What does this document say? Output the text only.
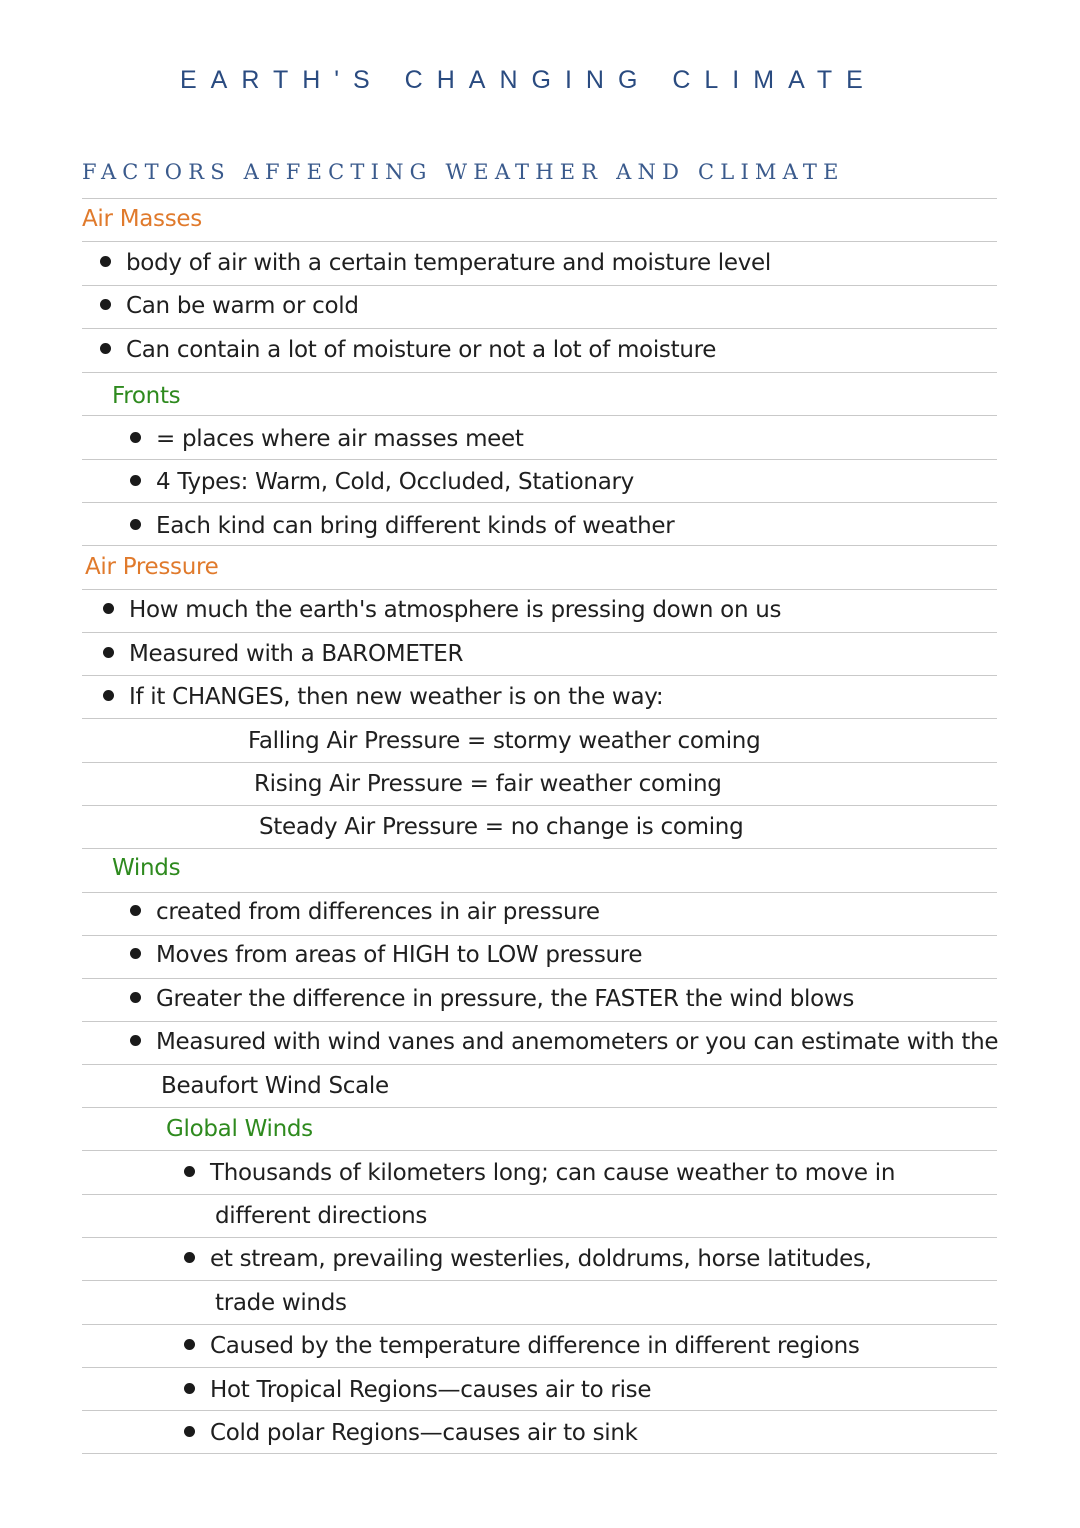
EARTH'S CHANGING CLIMATE
FACTORS AFFECTING WEATHER AND CLIMATE
Air Masses
body of air with a certain temperature and moisture level
Can be warm or cold
Can contain a lot of moisture or not a lot of moisture
Fronts
= places where air masses meet
4 Types: Warm, Cold, Occluded, Stationary
Each kind can bring different kinds of weather
Air Pressure
How much the earth's atmosphere is pressing down on us
Measured with a BAROMETER
If it CHANGES, then new weather is on the way:
Falling Air Pressure = stormy weather coming
Rising Air Pressure = fair weather coming
Steady Air Pressure = no change is coming
Winds
created from differences in air pressure
Moves from areas of HIGH to LOW pressure
Greater the difference in pressure, the FASTER the wind blows
Measured with wind vanes and anemometers or you can estimate with the
Beaufort Wind Scale
Global Winds
Thousands of kilometers long; can cause weather to move in
different directions
et stream, prevailing westerlies, doldrums, horse latitudes,
trade winds
Caused by the temperature difference in different regions
Hot Tropical Regions—causes air to rise
Cold polar Regions—causes air to sink
